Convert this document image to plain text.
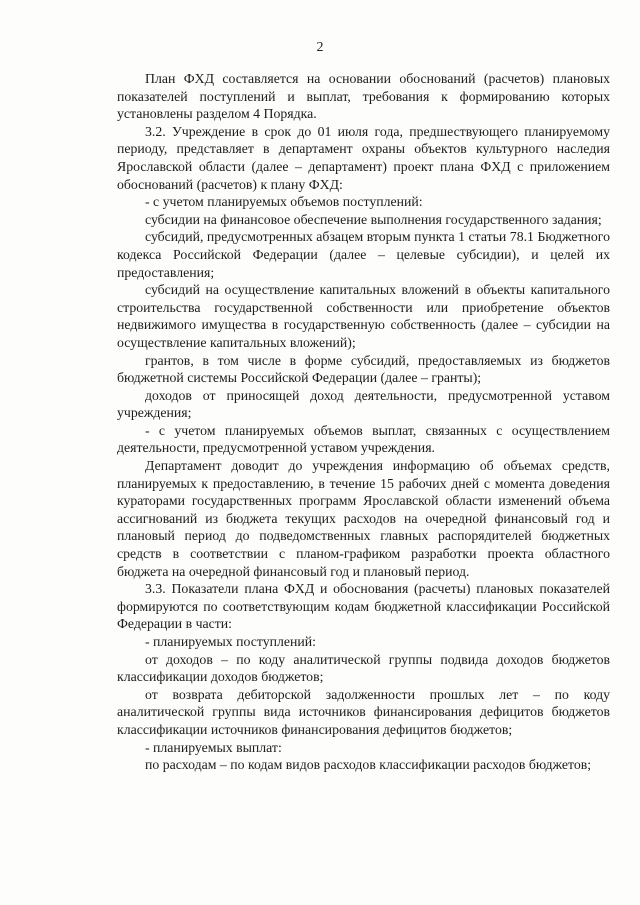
2

План ФХД составляется на основании обоснований (расчетов) плановых показателей поступлений и выплат, требования к формированию которых установлены разделом 4 Порядка.

3.2. Учреждение в срок до 01 июля года, предшествующего планируемому периоду, представляет в департамент охраны объектов культурного наследия Ярославской области (далее – департамент) проект плана ФХД с приложением обоснований (расчетов) к плану ФХД:

- с учетом планируемых объемов поступлений:

субсидии на финансовое обеспечение выполнения государственного задания;

субсидий, предусмотренных абзацем вторым пункта 1 статьи 78.1 Бюджетного кодекса Российской Федерации (далее – целевые субсидии), и целей их предоставления;

субсидий на осуществление капитальных вложений в объекты капитального строительства государственной собственности или приобретение объектов недвижимого имущества в государственную собственность (далее – субсидии на осуществление капитальных вложений);

грантов, в том числе в форме субсидий, предоставляемых из бюджетов бюджетной системы Российской Федерации (далее – гранты);

доходов от приносящей доход деятельности, предусмотренной уставом учреждения;

- с учетом планируемых объемов выплат, связанных с осуществлением деятельности, предусмотренной уставом учреждения.

Департамент доводит до учреждения информацию об объемах средств, планируемых к предоставлению, в течение 15 рабочих дней с момента доведения кураторами государственных программ Ярославской области изменений объема ассигнований из бюджета текущих расходов на очередной финансовый год и плановый период до подведомственных главных распорядителей бюджетных средств в соответствии с планом-графиком разработки проекта областного бюджета на очередной финансовый год и плановый период.

3.3. Показатели плана ФХД и обоснования (расчеты) плановых показателей формируются по соответствующим кодам бюджетной классификации Российской Федерации в части:

- планируемых поступлений:

от доходов – по коду аналитической группы подвида доходов бюджетов классификации доходов бюджетов;

от возврата дебиторской задолженности прошлых лет – по коду аналитической группы вида источников финансирования дефицитов бюджетов классификации источников финансирования дефицитов бюджетов;

- планируемых выплат:

по расходам – по кодам видов расходов классификации расходов бюджетов;
